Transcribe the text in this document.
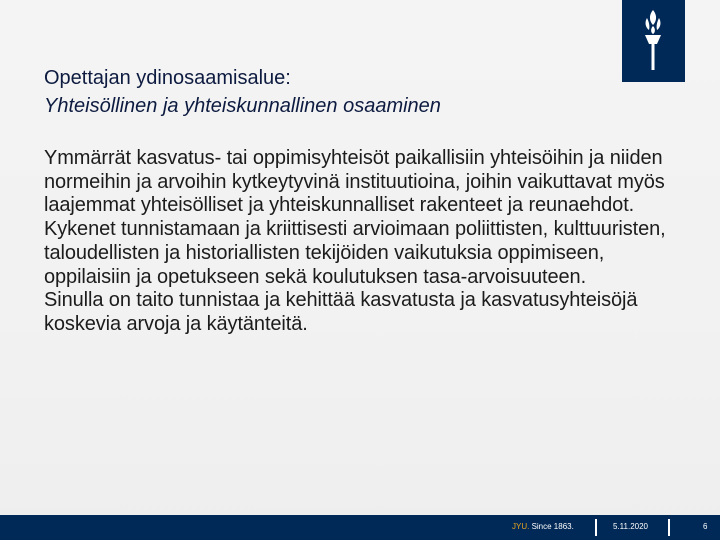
Opettajan ydinosaamisalue:
Yhteisöllinen ja yhteiskunnallinen osaaminen

Ymmärrät kasvatus- tai oppimisyhteisöt paikallisiin yhteisöihin ja niiden normeihin ja arvoihin kytkeytyvinä instituutioina, joihin vaikuttavat myös laajemmat yhteisölliset ja yhteiskunnalliset rakenteet ja reunaehdot.

Kykenet tunnistamaan ja kriittisesti arvioimaan poliittisten, kulttuuristen, taloudellisten ja historiallisten tekijöiden vaikutuksia oppimiseen, oppilaisiin ja opetukseen sekä koulutuksen tasa-arvoisuuteen.

Sinulla on taito tunnistaa ja kehittää kasvatusta ja kasvatusyhteisöjä koskevia arvoja ja käytänteitä.

JYU. Since 1863.	5.11.2020	6
